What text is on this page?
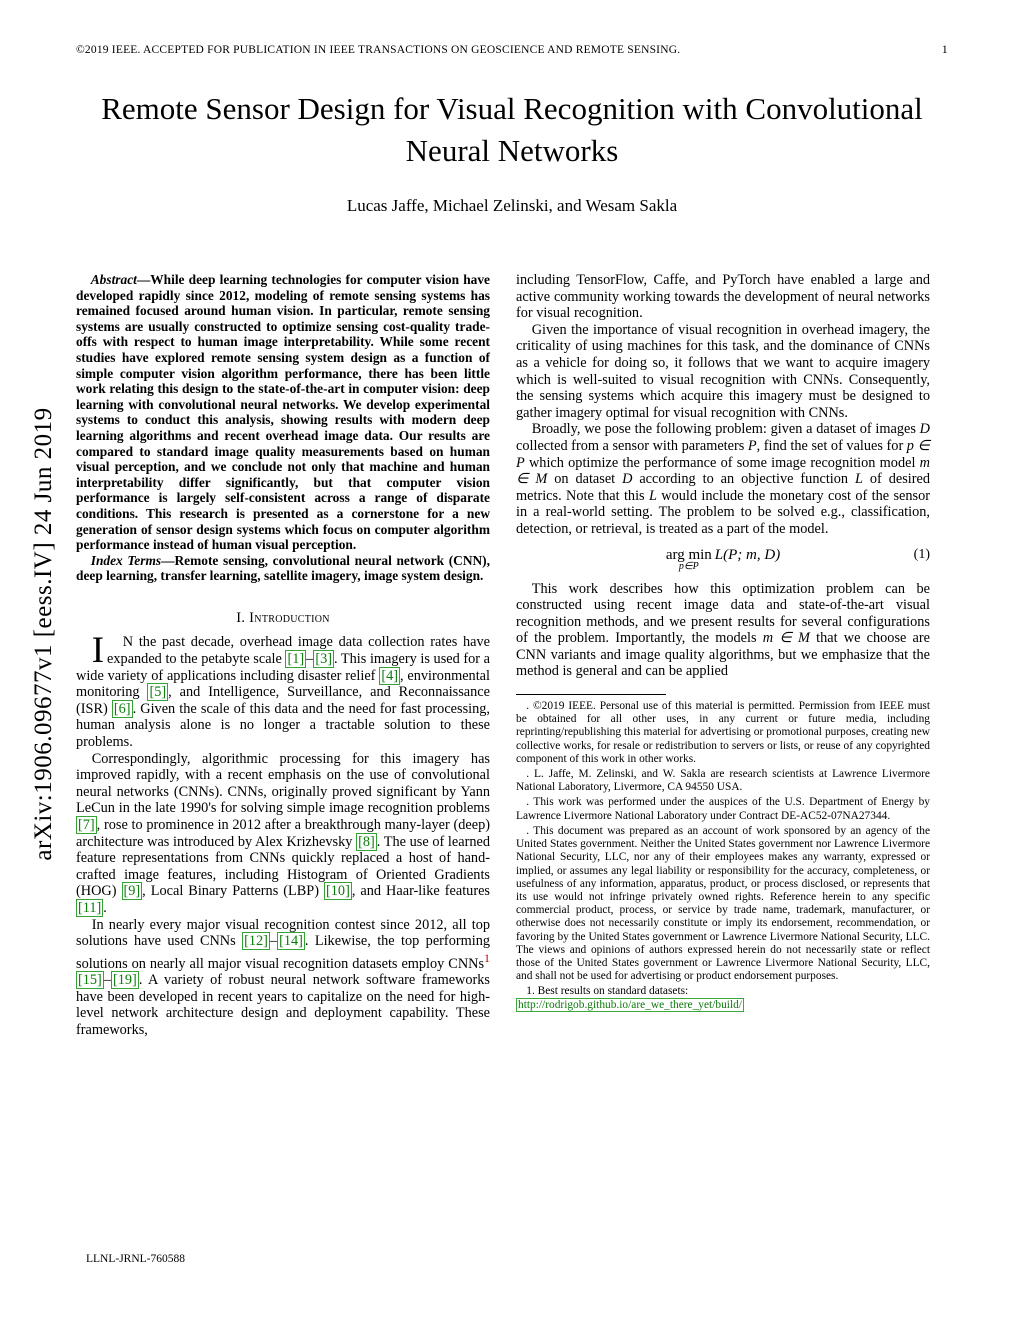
arXiv:1906.09677v1 [eess.IV] 24 Jun 2019
©2019 IEEE. ACCEPTED FOR PUBLICATION IN IEEE TRANSACTIONS ON GEOSCIENCE AND REMOTE SENSING.	1
Remote Sensor Design for Visual Recognition with Convolutional Neural Networks
Lucas Jaffe, Michael Zelinski, and Wesam Sakla

Abstract—While deep learning technologies for computer vision have developed rapidly since 2012, modeling of remote sensing systems has remained focused around human vision. In particular, remote sensing systems are usually constructed to optimize sensing cost-quality trade-offs with respect to human image interpretability. While some recent studies have explored remote sensing system design as a function of simple computer vision algorithm performance, there has been little work relating this design to the state-of-the-art in computer vision: deep learning with convolutional neural networks. We develop experimental systems to conduct this analysis, showing results with modern deep learning algorithms and recent overhead image data. Our results are compared to standard image quality measurements based on human visual perception, and we conclude not only that machine and human interpretability differ significantly, but that computer vision performance is largely self-consistent across a range of disparate conditions. This research is presented as a cornerstone for a new generation of sensor design systems which focus on computer algorithm performance instead of human visual perception.

Index Terms—Remote sensing, convolutional neural network (CNN), deep learning, transfer learning, satellite imagery, image system design.

I. Introduction

I N the past decade, overhead image data collection rates have expanded to the petabyte scale [1] – [3] . This imagery is used for a wide variety of applications including disaster relief [4] , environmental monitoring [5] , and Intelligence, Surveillance, and Reconnaissance (ISR) [6] . Given the scale of this data and the need for fast processing, human analysis alone is no longer a tractable solution to these problems.

Correspondingly, algorithmic processing for this imagery has improved rapidly, with a recent emphasis on the use of convolutional neural networks (CNNs). CNNs, originally proved significant by Yann LeCun in the late 1990's for solving simple image recognition problems [7] , rose to prominence in 2012 after a breakthrough many-layer (deep) architecture was introduced by Alex Krizhevsky [8] . The use of learned feature representations from CNNs quickly replaced a host of hand-crafted image features, including Histogram of Oriented Gradients (HOG) [9] , Local Binary Patterns (LBP) [10] , and Haar-like features [11] .

In nearly every major visual recognition contest since 2012, all top solutions have used CNNs [12] – [14] . Likewise, the top performing solutions on nearly all major visual recognition datasets employ CNNs$^1$ [15] – [19] . A variety of robust neural network software frameworks have been developed in recent years to capitalize on the need for high-level network architecture design and deployment capability. These frameworks,

including TensorFlow, Caffe, and PyTorch have enabled a large and active community working towards the development of neural networks for visual recognition.

Given the importance of visual recognition in overhead imagery, the criticality of using machines for this task, and the dominance of CNNs as a vehicle for doing so, it follows that we want to acquire imagery which is well-suited to visual recognition with CNNs. Consequently, the sensing systems which acquire this imagery must be designed to gather imagery optimal for visual recognition with CNNs.

Broadly, we pose the following problem: given a dataset of images D collected from a sensor with parameters P, find the set of values for p ∈ P which optimize the performance of some image recognition model m ∈ M on dataset D according to an objective function L of desired metrics. Note that this L would include the monetary cost of the sensor in a real-world setting. The problem to be solved e.g., classification, detection, or retrieval, is treated as a part of the model.

arg min
p∈P
L(P; m, D)	(1)

This work describes how this optimization problem can be constructed using recent image data and state-of-the-art visual recognition methods, and we present results for several configurations of the problem. Importantly, the models m ∈ M that we choose are CNN variants and image quality algorithms, but we emphasize that the method is general and can be applied

. ©2019 IEEE. Personal use of this material is permitted. Permission from IEEE must be obtained for all other uses, in any current or future media, including reprinting/republishing this material for advertising or promotional purposes, creating new collective works, for resale or redistribution to servers or lists, or reuse of any copyrighted component of this work in other works.

. L. Jaffe, M. Zelinski, and W. Sakla are research scientists at Lawrence Livermore National Laboratory, Livermore, CA 94550 USA.

. This work was performed under the auspices of the U.S. Department of Energy by Lawrence Livermore National Laboratory under Contract DE-AC52-07NA27344.

. This document was prepared as an account of work sponsored by an agency of the United States government. Neither the United States government nor Lawrence Livermore National Security, LLC, nor any of their employees makes any warranty, expressed or implied, or assumes any legal liability or responsibility for the accuracy, completeness, or usefulness of any information, apparatus, product, or process disclosed, or represents that its use would not infringe privately owned rights. Reference herein to any specific commercial product, process, or service by trade name, trademark, manufacturer, or otherwise does not necessarily constitute or imply its endorsement, recommendation, or favoring by the United States government or Lawrence Livermore National Security, LLC. The views and opinions of authors expressed herein do not necessarily state or reflect those of the United States government or Lawrence Livermore National Security, LLC, and shall not be used for advertising or product endorsement purposes.

1. Best results on standard datasets:
http://rodrigob.github.io/are_we_there_yet/build/

LLNL-JRNL-760588
